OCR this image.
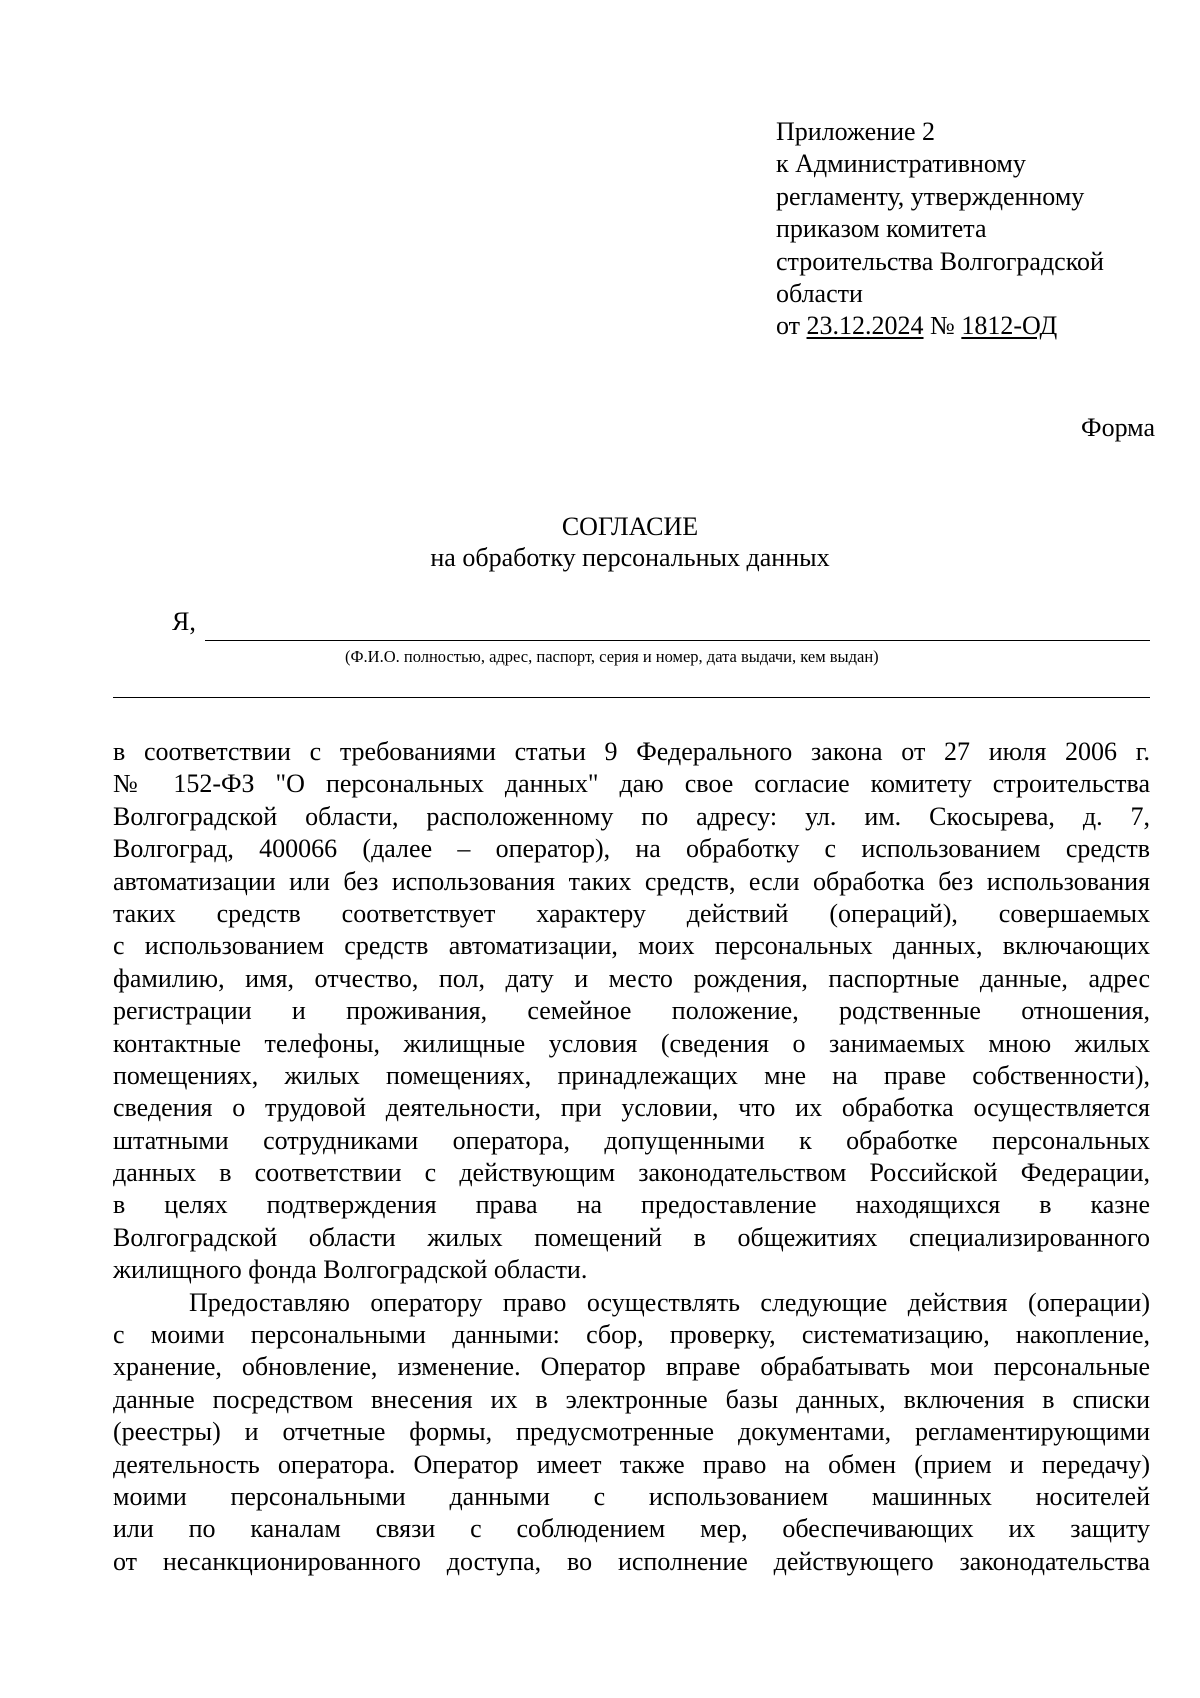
Приложение 2
к Административному
регламенту, утвержденному
приказом комитета
строительства Волгоградской
области
от 23.12.2024 № 1812-ОД
Форма
СОГЛАСИЕ
на обработку персональных данных
Я,
(Ф.И.О. полностью, адрес, паспорт, серия и номер, дата выдачи, кем выдан)
в соответствии с требованиями статьи 9 Федерального закона от 27 июля 2006 г.
№ 152-ФЗ "О персональных данных" даю свое согласие комитету строительства
Волгоградской области, расположенному по адресу: ул. им. Скосырева, д. 7,
Волгоград, 400066 (далее – оператор), на обработку с использованием средств
автоматизации или без использования таких средств, если обработка без использования
таких средств соответствует характеру действий (операций), совершаемых
с использованием средств автоматизации, моих персональных данных, включающих
фамилию, имя, отчество, пол, дату и место рождения, паспортные данные, адрес
регистрации и проживания, семейное положение, родственные отношения,
контактные телефоны, жилищные условия (сведения о занимаемых мною жилых
помещениях, жилых помещениях, принадлежащих мне на праве собственности),
сведения о трудовой деятельности, при условии, что их обработка осуществляется
штатными сотрудниками оператора, допущенными к обработке персональных
данных в соответствии с действующим законодательством Российской Федерации,
в целях подтверждения права на предоставление находящихся в казне
Волгоградской области жилых помещений в общежитиях специализированного
жилищного фонда Волгоградской области.
Предоставляю оператору право осуществлять следующие действия (операции)
с моими персональными данными: сбор, проверку, систематизацию, накопление,
хранение, обновление, изменение. Оператор вправе обрабатывать мои персональные
данные посредством внесения их в электронные базы данных, включения в списки
(реестры) и отчетные формы, предусмотренные документами, регламентирующими
деятельность оператора. Оператор имеет также право на обмен (прием и передачу)
моими персональными данными с использованием машинных носителей
или по каналам связи с соблюдением мер, обеспечивающих их защиту
от несанкционированного доступа, во исполнение действующего законодательства
